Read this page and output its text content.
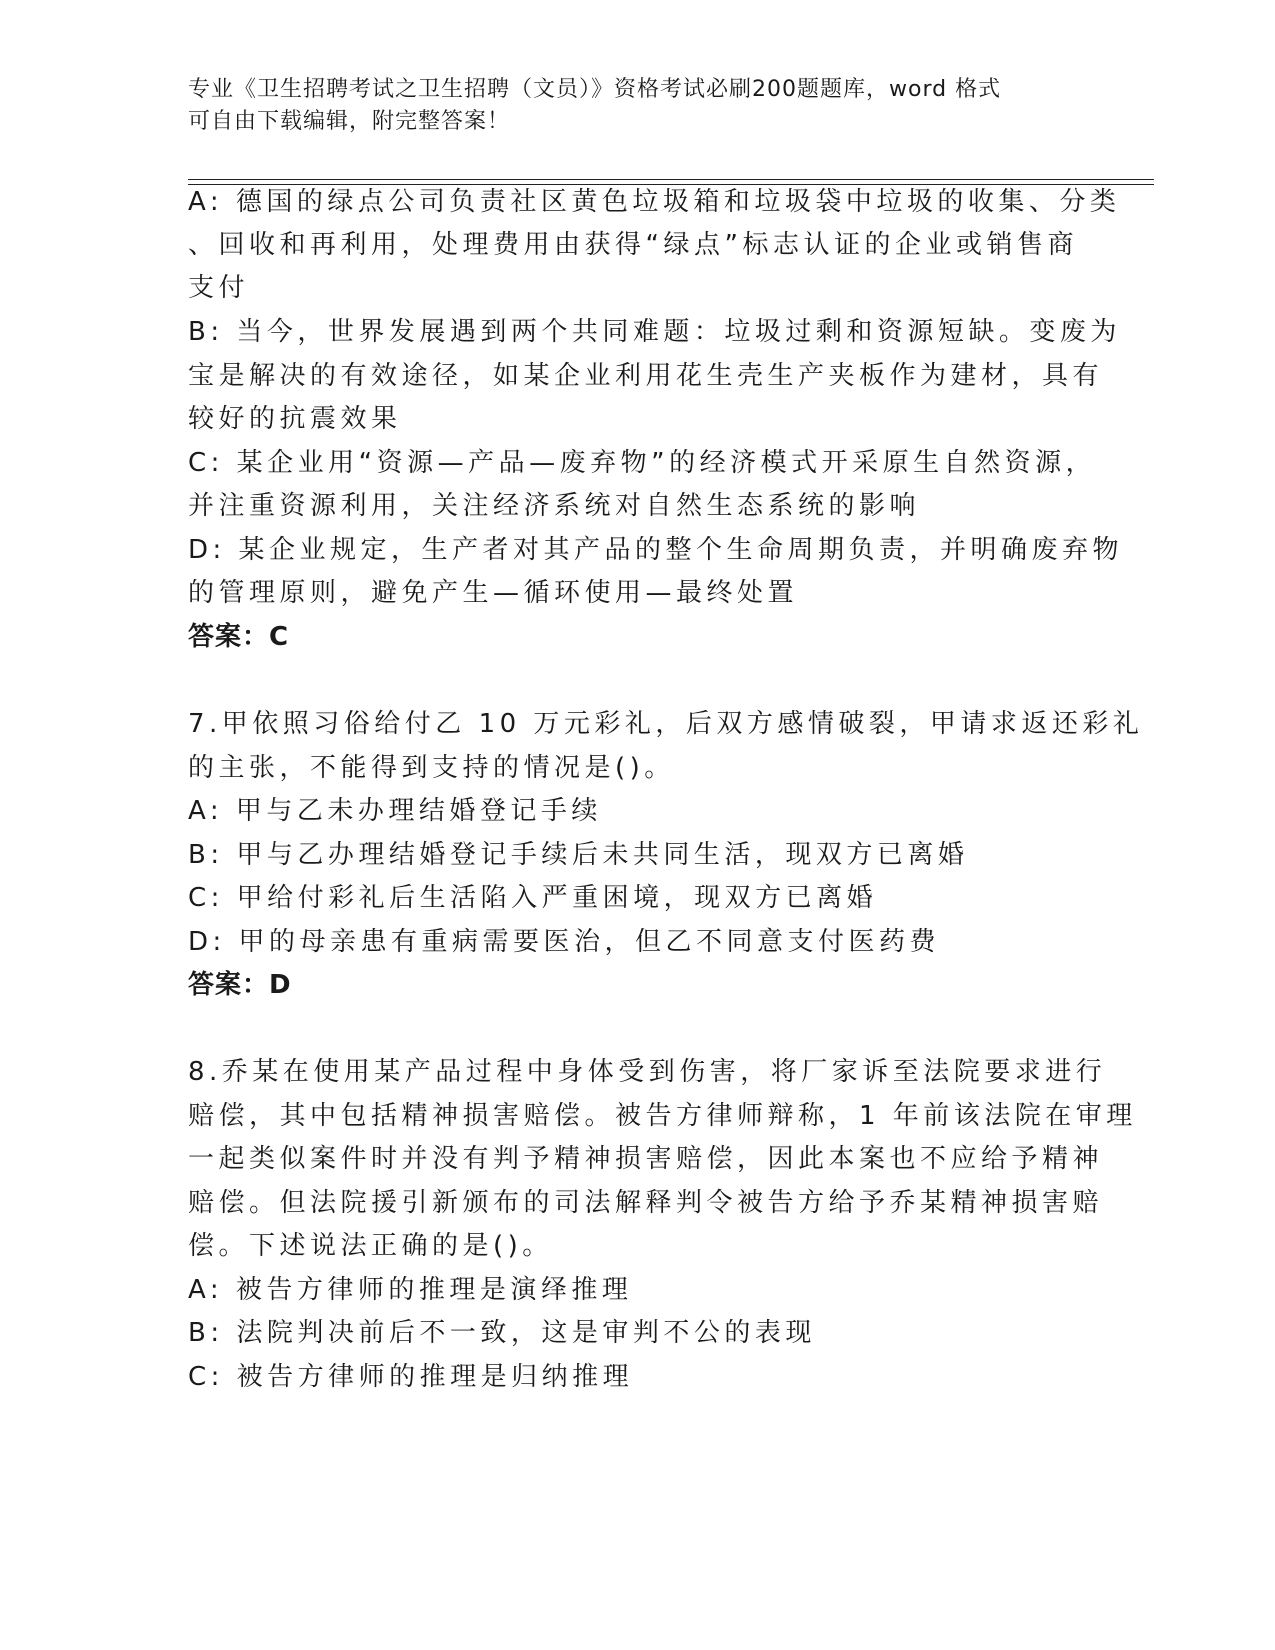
专业《卫生招聘考试之卫生招聘（文员）》资格考试必刷200题题库，word 格式
可自由下载编辑，附完整答案！
A: 德国的绿点公司负责社区黄色垃圾箱和垃圾袋中垃圾的收集、分类
、回收和再利用，处理费用由获得“绿点”标志认证的企业或销售商
支付
B: 当今，世界发展遇到两个共同难题：垃圾过剩和资源短缺。变废为
宝是解决的有效途径，如某企业利用花生壳生产夹板作为建材，具有
较好的抗震效果
C: 某企业用“资源—产品—废弃物”的经济模式开采原生自然资源，
并注重资源利用，关注经济系统对自然生态系统的影响
D: 某企业规定，生产者对其产品的整个生命周期负责，并明确废弃物
的管理原则，避免产生—循环使用—最终处置
答案：C
7.甲依照习俗给付乙 10 万元彩礼，后双方感情破裂，甲请求返还彩礼
的主张，不能得到支持的情况是()。
A: 甲与乙未办理结婚登记手续
B: 甲与乙办理结婚登记手续后未共同生活，现双方已离婚
C: 甲给付彩礼后生活陷入严重困境，现双方已离婚
D: 甲的母亲患有重病需要医治，但乙不同意支付医药费
答案：D
8.乔某在使用某产品过程中身体受到伤害，将厂家诉至法院要求进行
赔偿，其中包括精神损害赔偿。被告方律师辩称，1 年前该法院在审理
一起类似案件时并没有判予精神损害赔偿，因此本案也不应给予精神
赔偿。但法院援引新颁布的司法解释判令被告方给予乔某精神损害赔
偿。下述说法正确的是()。
A: 被告方律师的推理是演绎推理
B: 法院判决前后不一致，这是审判不公的表现
C: 被告方律师的推理是归纳推理
